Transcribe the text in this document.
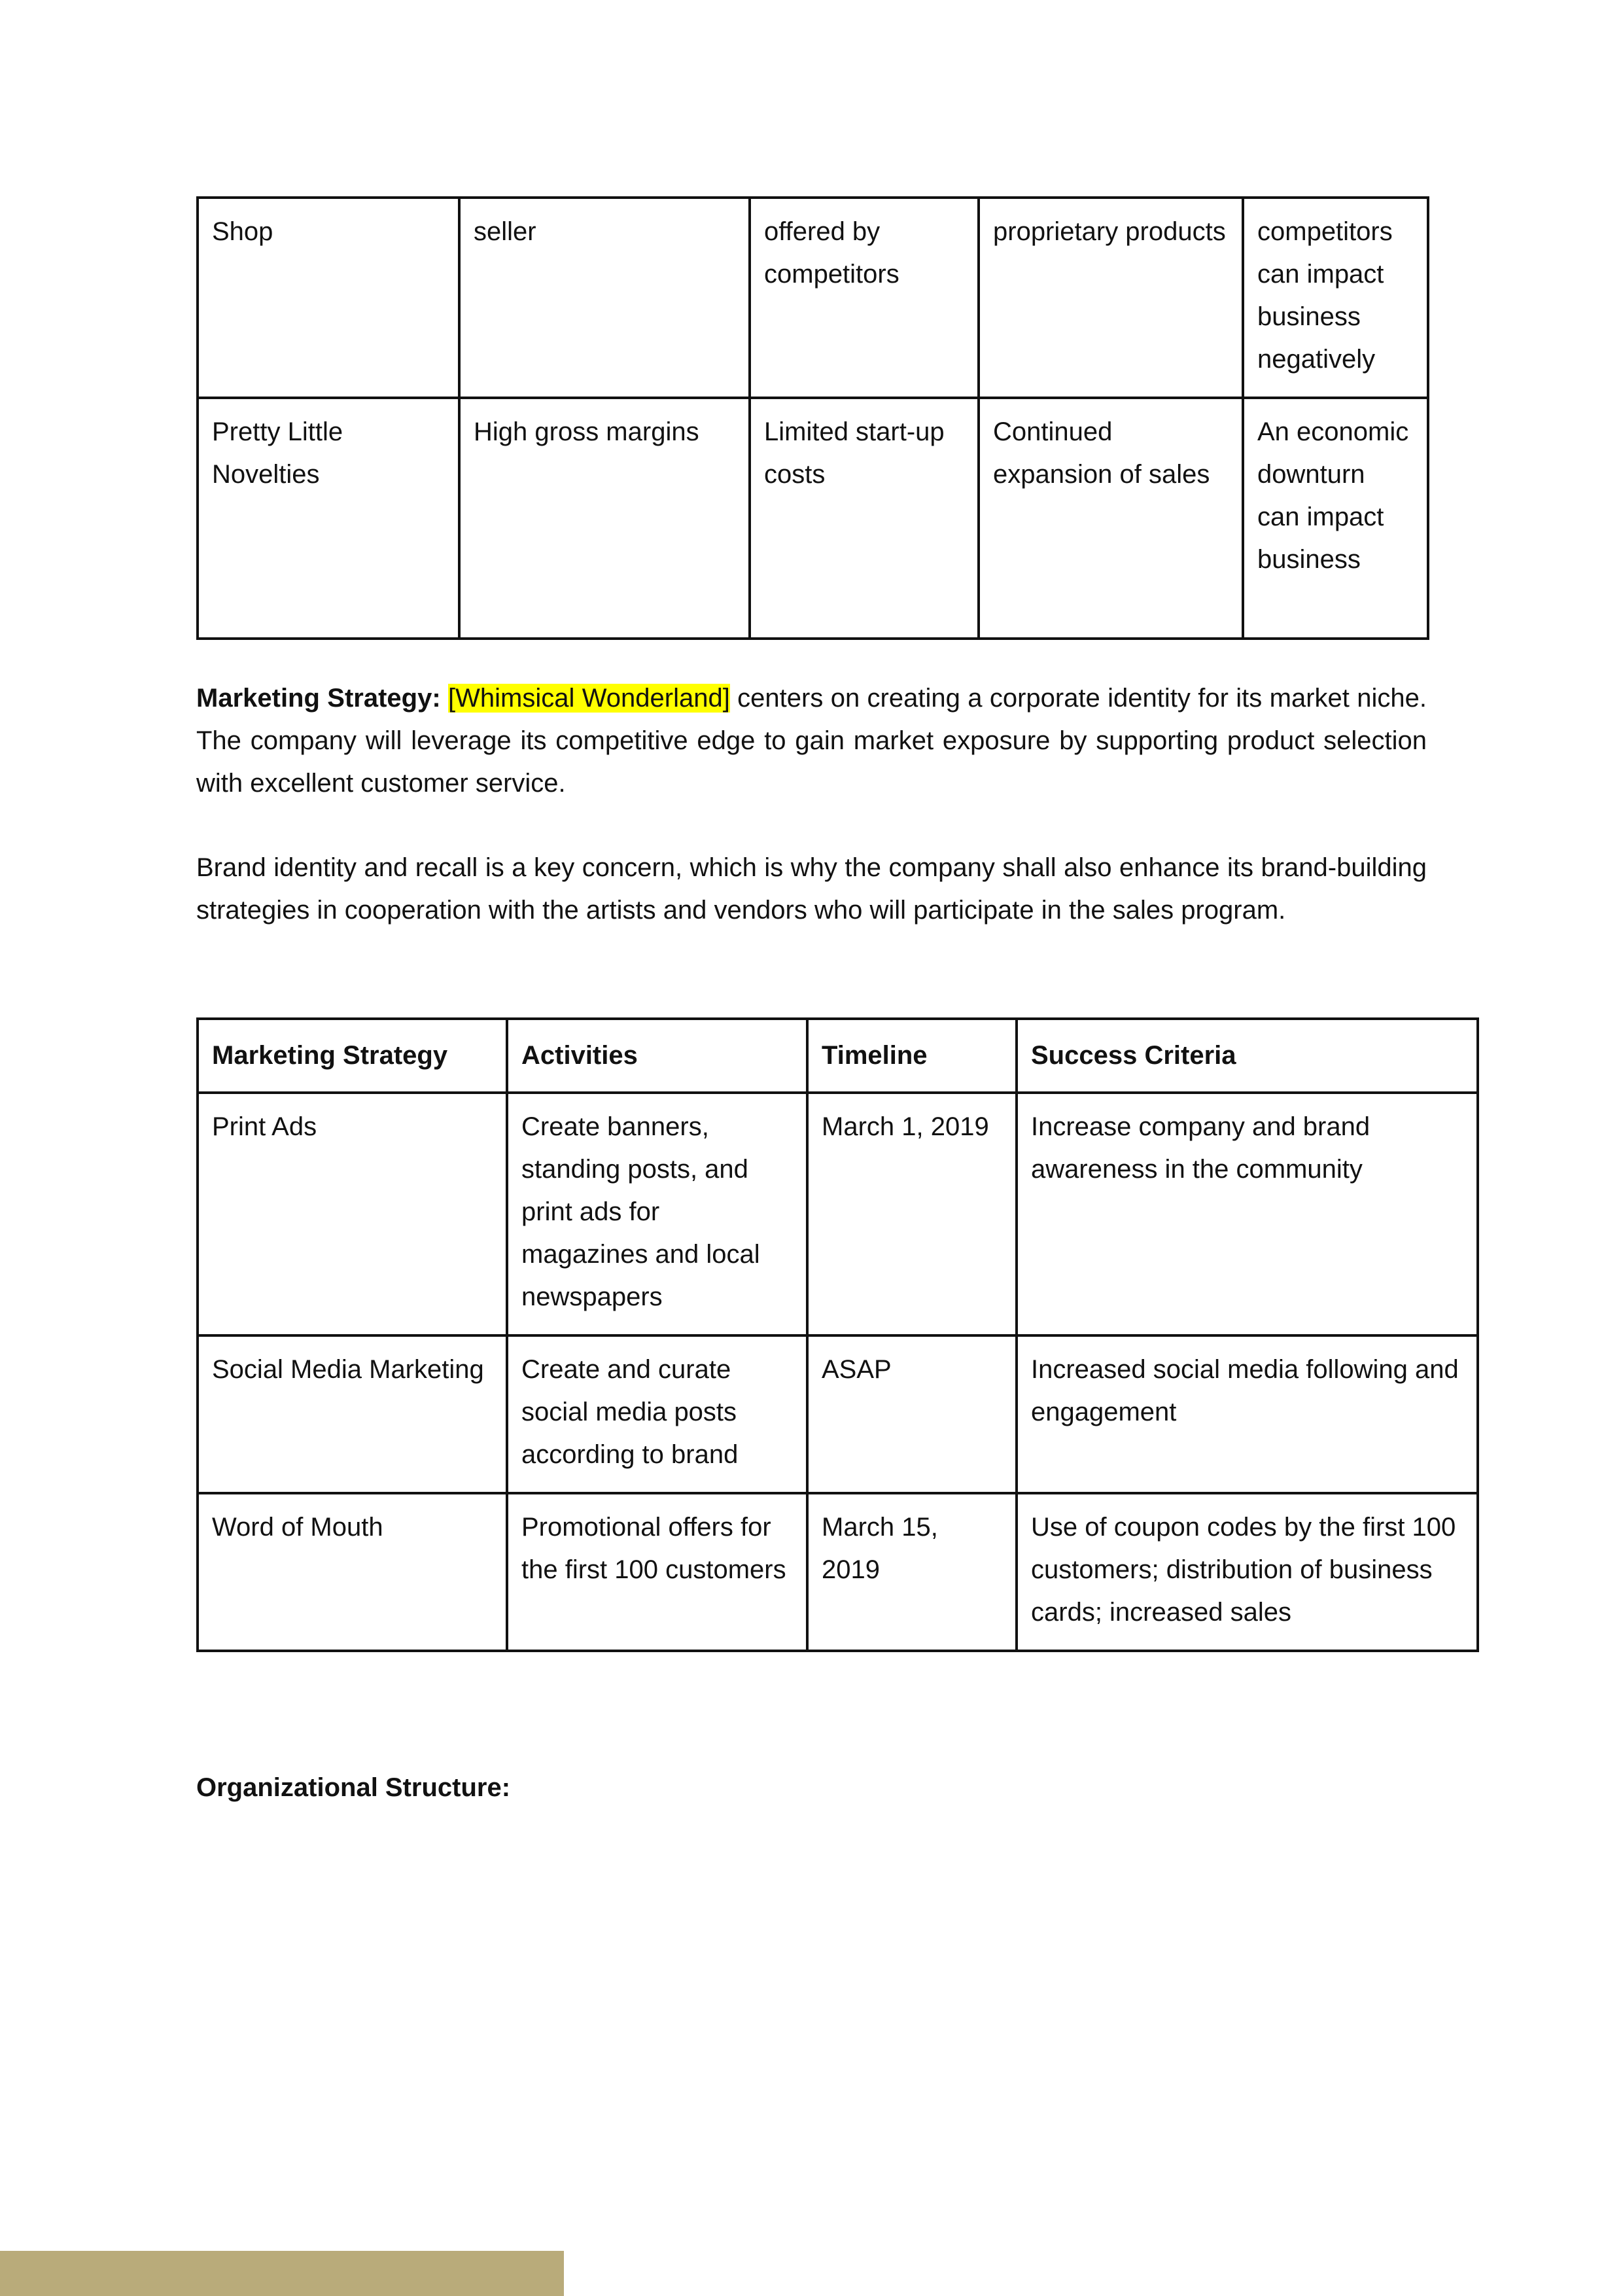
Shop	seller	offered by competitors	proprietary products	competitors can impact business negatively
Pretty Little Novelties	High gross margins	Limited start-up costs	Continued expansion of sales	An economic downturn can impact business

Marketing Strategy: [Whimsical Wonderland] centers on creating a corporate identity for its market niche. The company will leverage its competitive edge to gain market exposure by supporting product selection with excellent customer service.

Brand identity and recall is a key concern, which is why the company shall also enhance its brand-building strategies in cooperation with the artists and vendors who will participate in the sales program.

Marketing Strategy	Activities	Timeline	Success Criteria
Print Ads	Create banners, standing posts, and print ads for magazines and local newspapers	March 1, 2019	Increase company and brand awareness in the community
Social Media Marketing	Create and curate social media posts according to brand	ASAP	Increased social media following and engagement
Word of Mouth	Promotional offers for the first 100 customers	March 15, 2019	Use of coupon codes by the first 100 customers; distribution of business cards; increased sales
Organizational Structure:
